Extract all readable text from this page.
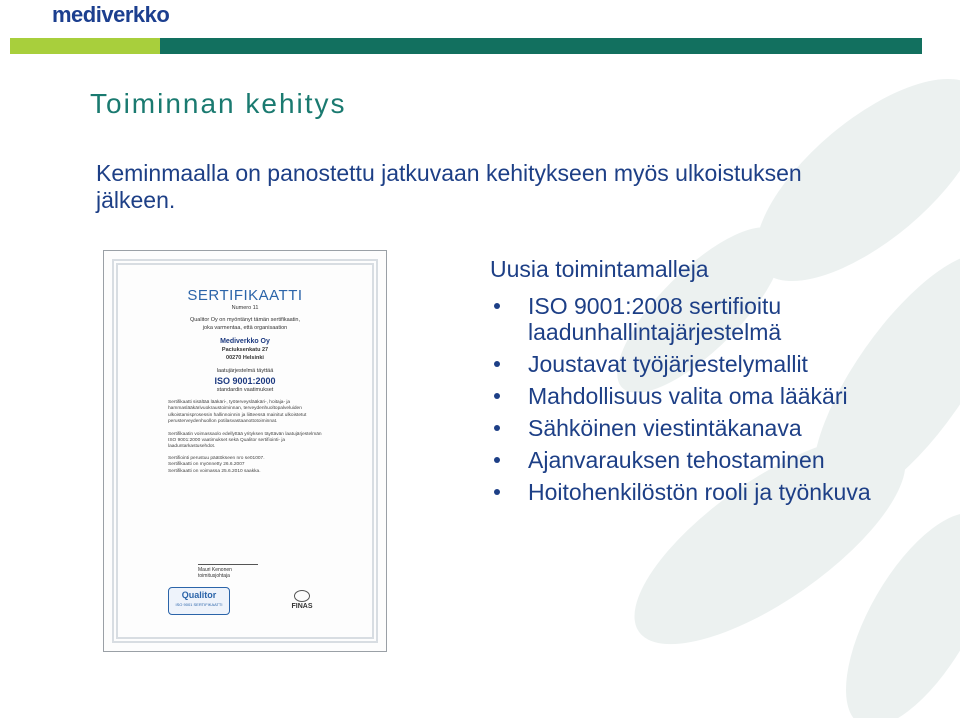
mediverkko
Toiminnan kehitys
Keminmaalla on panostettu jatkuvaan kehitykseen myös ulkoistuksen jälkeen.
SERTIFIKAATTI
Numero 11
Qualitor Oy on myöntänyt tämän sertifikaatin,
joka varmentaa, että organisaation
Mediverkko Oy
Paciuksenkatu 27
00270 Helsinki
laatujärjestelmä täyttää
ISO 9001:2000
standardin vaatimukset
Sertifikaatti sisältää lääkäri-, työterveyslääkäri-, hoitaja- ja hammaslääkärivuokraustoiminnan, terveydenhuoltopalveluiden ulkoistamisprosessin hallinnoinnin ja liitteessä mainitut ulkoistetut perusterveydenhuollon potilasvastaanottotoiminnat.
Sertifikaatin voimassaolo edellyttää yrityksen täyttävän laatujärjestelmän ISO 9001:2000 vaatimukset sekä Qualitor sertifiointi- ja laaduntarkastusehdot.
Sertifiointi perustuu päätökseen nro se01007.
Sertifikaatti on myönnetty 26.6.2007
Sertifikaatti on voimassa 25.6.2010 saakka.
Mauri Kenonen
toimitusjohtaja
Qualitor
ISO 9001 SERTIFIKAATTI	FINAS
Uusia toimintamalleja
ISO 9001:2008 sertifioitu laadunhallintajärjestelmä
Joustavat työjärjestelymallit
Mahdollisuus valita oma lääkäri
Sähköinen viestintäkanava
Ajanvarauksen tehostaminen
Hoitohenkilöstön rooli ja työnkuva
